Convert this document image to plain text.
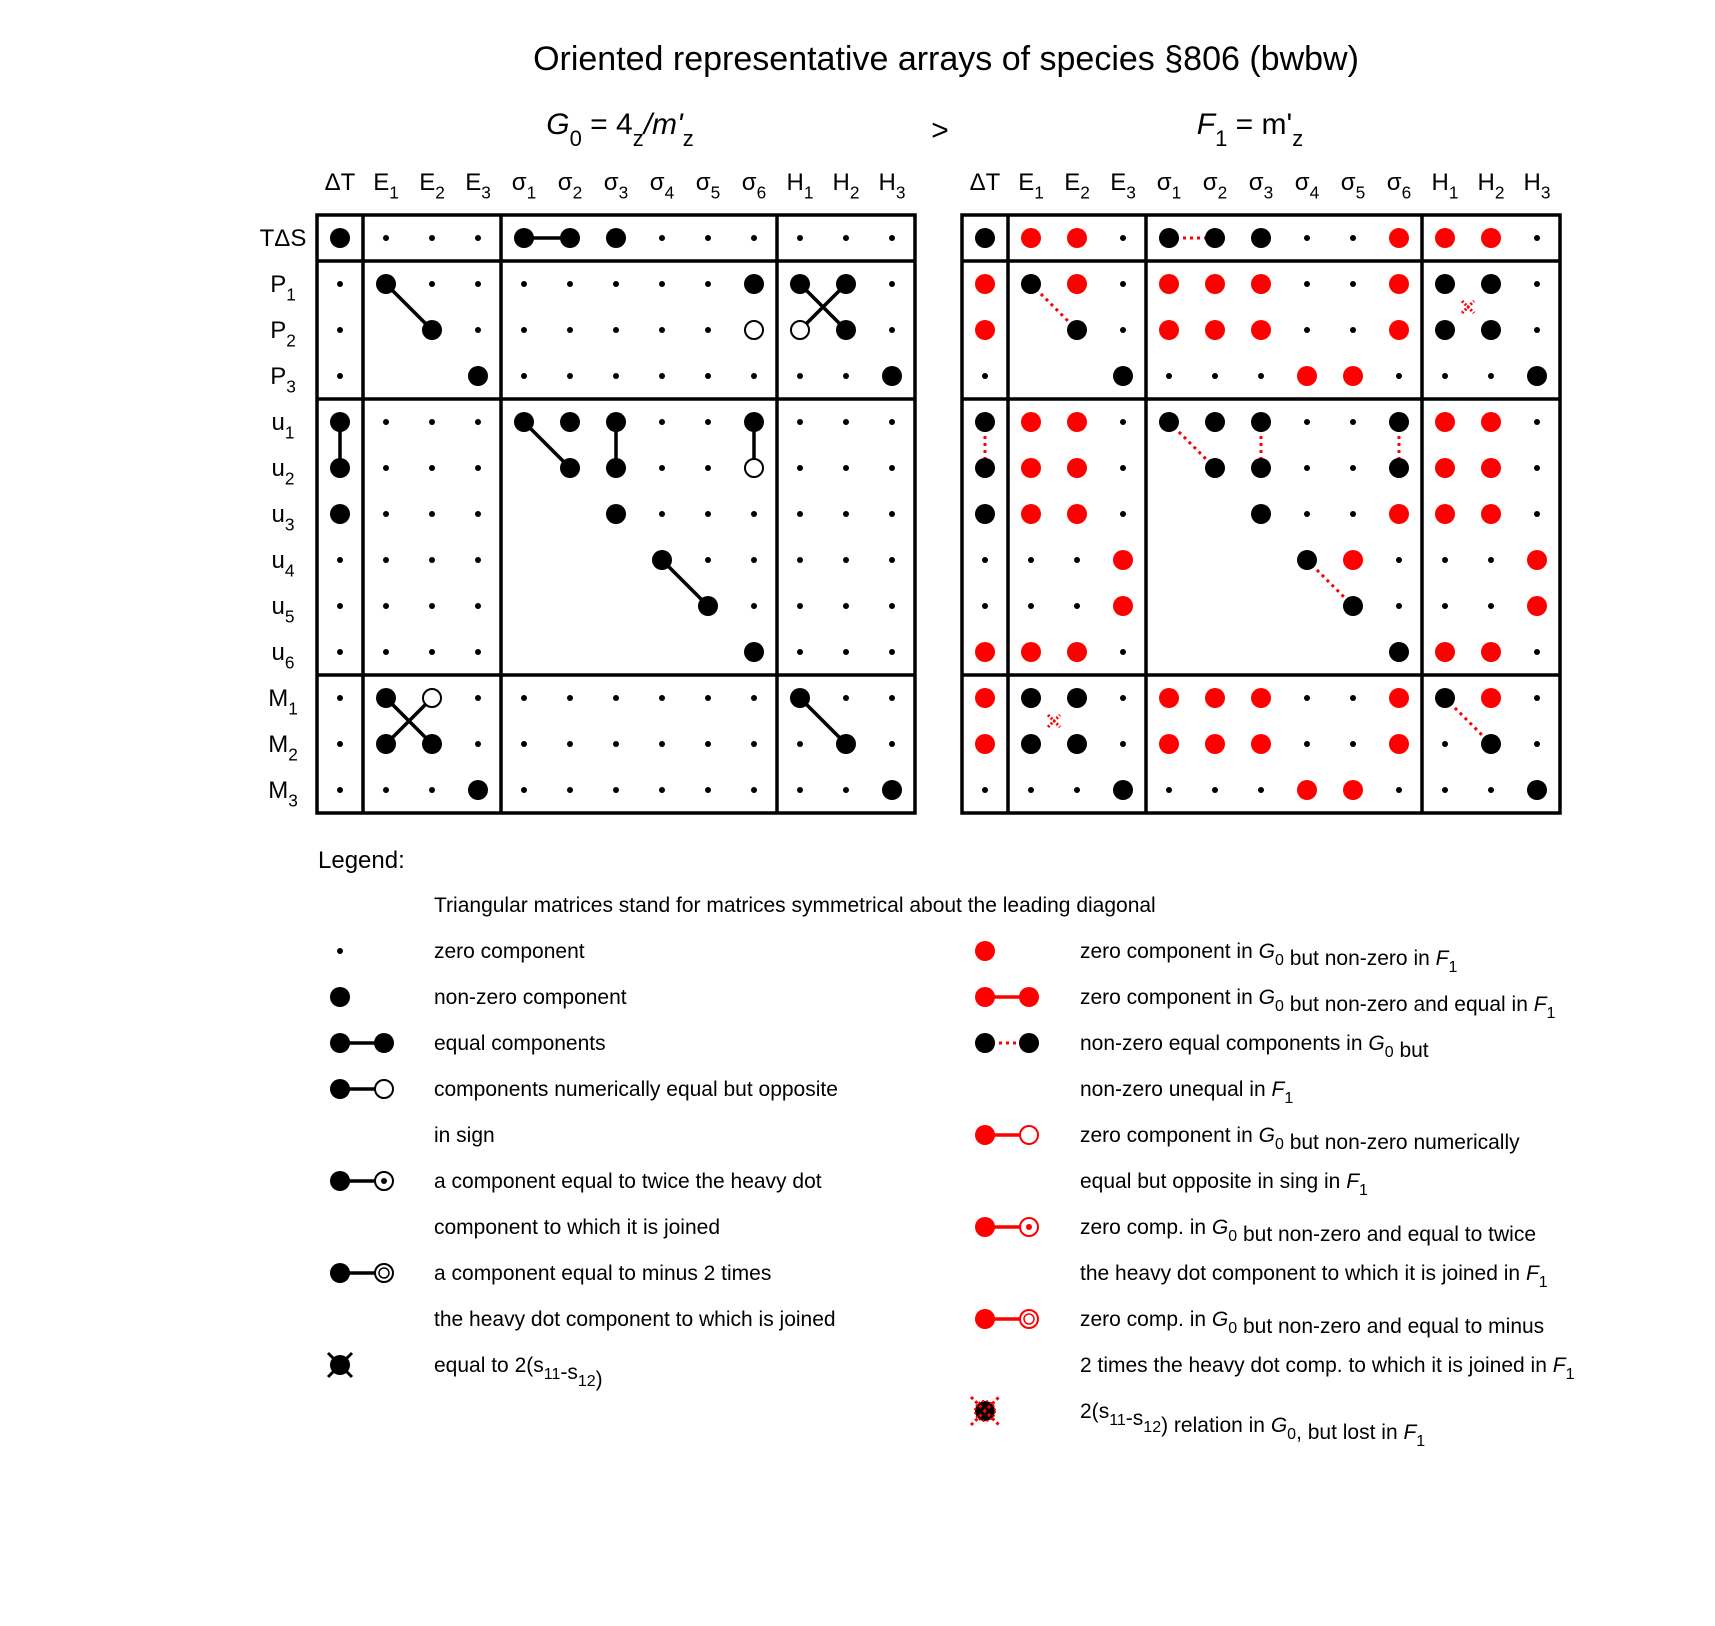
Oriented representative arrays of species §806 (bwbw)
>
$G_0 = 4_z/m'_z$	$F_1 = m'_z$
ΔT $E_1$ $E_2$ $E_3$ $\sigma_1$ $\sigma_2$ $\sigma_3$ $\sigma_4$ $\sigma_5$ $\sigma_6$ $H_1$ $H_2$ $H_3$	ΔT $E_1$ $E_2$ $E_3$ $\sigma_1$ $\sigma_2$ $\sigma_3$ $\sigma_4$ $\sigma_5$ $\sigma_6$ $H_1$ $H_2$ $H_3$
TΔS
$P_1$
$P_2$
$P_3$
$u_1$
$u_2$
$u_3$
$u_4$
$u_5$
$u_6$
$M_1$
$M_2$
$M_3$
Legend:
Triangular matrices stand for matrices symmetrical about the leading diagonal
zero component
non-zero component
equal components
components numerically equal but opposite
in sign
a component equal to twice the heavy dot
component to which it is joined
a component equal to minus 2 times
the heavy dot component to which is joined
equal to $2(s_{11}-s_{12})$
zero component in $G_0$ but non-zero in $F_1$
zero component in $G_0$ but non-zero and equal in $F_1$
non-zero equal components in $G_0$ but
non-zero unequal in $F_1$
zero component in $G_0$ but non-zero numerically
equal but opposite in sing in $F_1$
zero comp. in $G_0$ but non-zero and equal to twice
the heavy dot component to which it is joined in $F_1$
zero comp. in $G_0$ but non-zero and equal to minus
2 times the heavy dot comp. to which it is joined in $F_1$
$2(s_{11}-s_{12})$ relation in $G_0$, but lost in $F_1$
